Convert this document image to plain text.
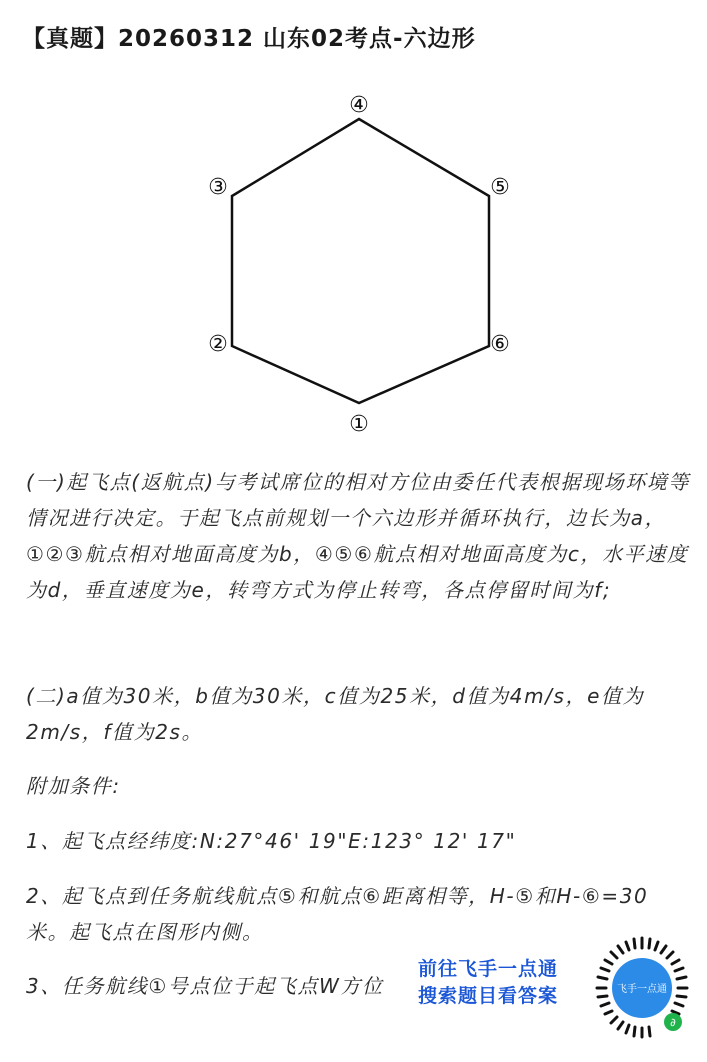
【真题】20260312 山东02考点-六边形
①
②
③
④
⑤
⑥
(一)起飞点(返航点)与考试席位的相对方位由委任代表根据现场环境等情况进行决定。于起飞点前规划一个六边形并循环执行，边长为a，①②③航点相对地面高度为b，④⑤⑥航点相对地面高度为c，水平速度为d，垂直速度为e，转弯方式为停止转弯，各点停留时间为f;
(二)a值为30米，b值为30米，c值为25米，d值为4m/s，e值为2m/s，f值为2s。
附加条件:
1、起飞点经纬度:N:27°46' 19"E:123° 12' 17"
2、起飞点到任务航线航点⑤和航点⑥距离相等，H-⑤和H-⑥=30米。起飞点在图形内侧。
3、任务航线①号点位于起飞点W方位
前往飞手一点通
搜索题目看答案	飞手一点通
∂
